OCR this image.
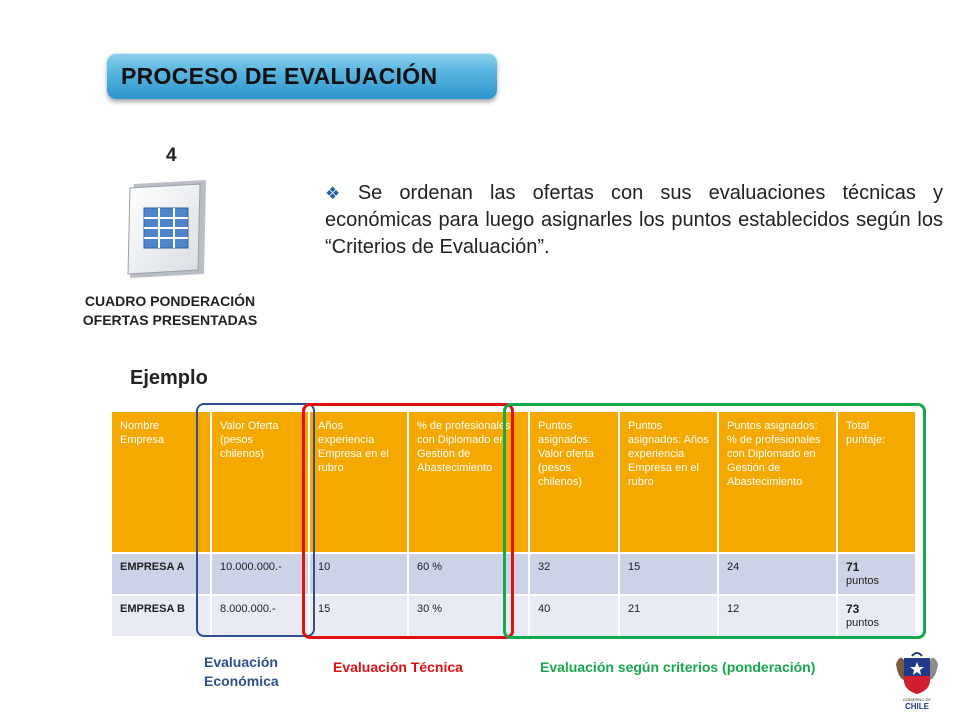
PROCESO DE EVALUACIÓN
4
CUADRO PONDERACIÓN
OFERTAS PRESENTADAS
❖ Se ordenan las ofertas con sus evaluaciones técnicas y económicas para luego asignarles los puntos establecidos según los “Criterios de Evaluación”.
Ejemplo
Nombre Empresa	Valor Oferta (pesos chilenos)	Años experiencia Empresa en el rubro	% de profesionales con Diplomado en Gestión de Abastecimiento	Puntos asignados: Valor oferta (pesos chilenos)	Puntos asignados: Años experiencia Empresa en el rubro	Puntos asignados: % de profesionales con Diplomado en Gestión de Abastecimiento	Total puntaje:
EMPRESA A	10.000.000.-	10	60 %	32	15	24	71
puntos

EMPRESA B	8.000.000.-	15	30 %	40	21	12	73
puntos
Evaluación
Económica
Evaluación Técnica	Evaluación según criterios (ponderación)
GOBIERNO DE
CHILE
